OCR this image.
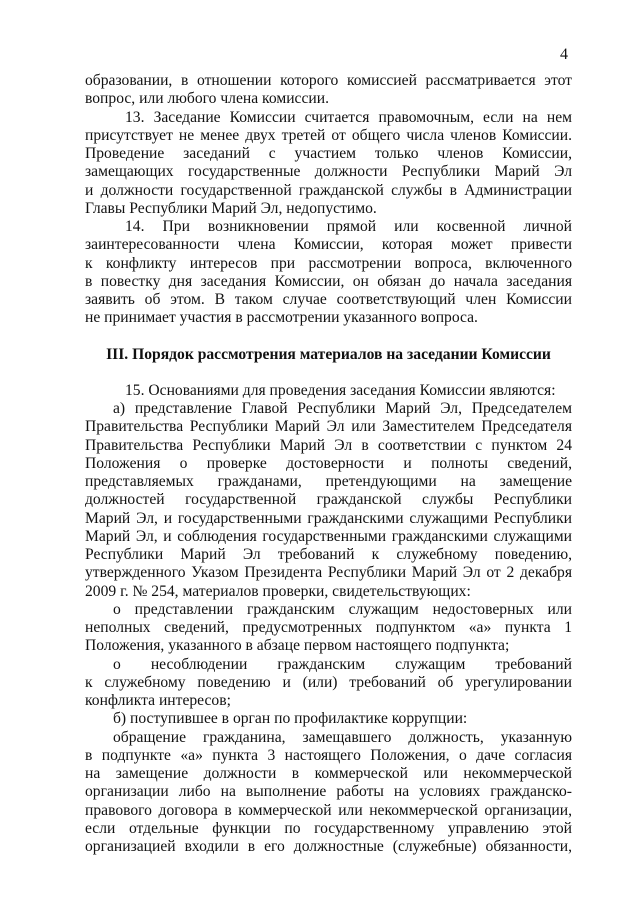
4
образовании, в отношении которого комиссией рассматривается этот
вопрос, или любого члена комиссии.
13. Заседание Комиссии считается правомочным, если на нем
присутствует не менее двух третей от общего числа членов Комиссии.
Проведение заседаний с участием только членов Комиссии,
замещающих государственные должности Республики Марий Эл
и должности государственной гражданской службы в Администрации
Главы Республики Марий Эл, недопустимо.
14. При возникновении прямой или косвенной личной
заинтересованности члена Комиссии, которая может привести
к конфликту интересов при рассмотрении вопроса, включенного
в повестку дня заседания Комиссии, он обязан до начала заседания
заявить об этом. В таком случае соответствующий член Комиссии
не принимает участия в рассмотрении указанного вопроса.
III. Порядок рассмотрения материалов на заседании Комиссии
15. Основаниями для проведения заседания Комиссии являются:
а) представление Главой Республики Марий Эл, Председателем
Правительства Республики Марий Эл или Заместителем Председателя
Правительства Республики Марий Эл в соответствии с пунктом 24
Положения о проверке достоверности и полноты сведений,
представляемых гражданами, претендующими на замещение
должностей государственной гражданской службы Республики
Марий Эл, и государственными гражданскими служащими Республики
Марий Эл, и соблюдения государственными гражданскими служащими
Республики Марий Эл требований к служебному поведению,
утвержденного Указом Президента Республики Марий Эл от 2 декабря
2009 г. № 254, материалов проверки, свидетельствующих:
о представлении гражданским служащим недостоверных или
неполных сведений, предусмотренных подпунктом «а» пункта 1
Положения, указанного в абзаце первом настоящего подпункта;
о несоблюдении гражданским служащим требований
к служебному поведению и (или) требований об урегулировании
конфликта интересов;
б) поступившее в орган по профилактике коррупции:
обращение гражданина, замещавшего должность, указанную
в подпункте «а» пункта 3 настоящего Положения, о даче согласия
на замещение должности в коммерческой или некоммерческой
организации либо на выполнение работы на условиях гражданско-
правового договора в коммерческой или некоммерческой организации,
если отдельные функции по государственному управлению этой
организацией входили в его должностные (служебные) обязанности,
